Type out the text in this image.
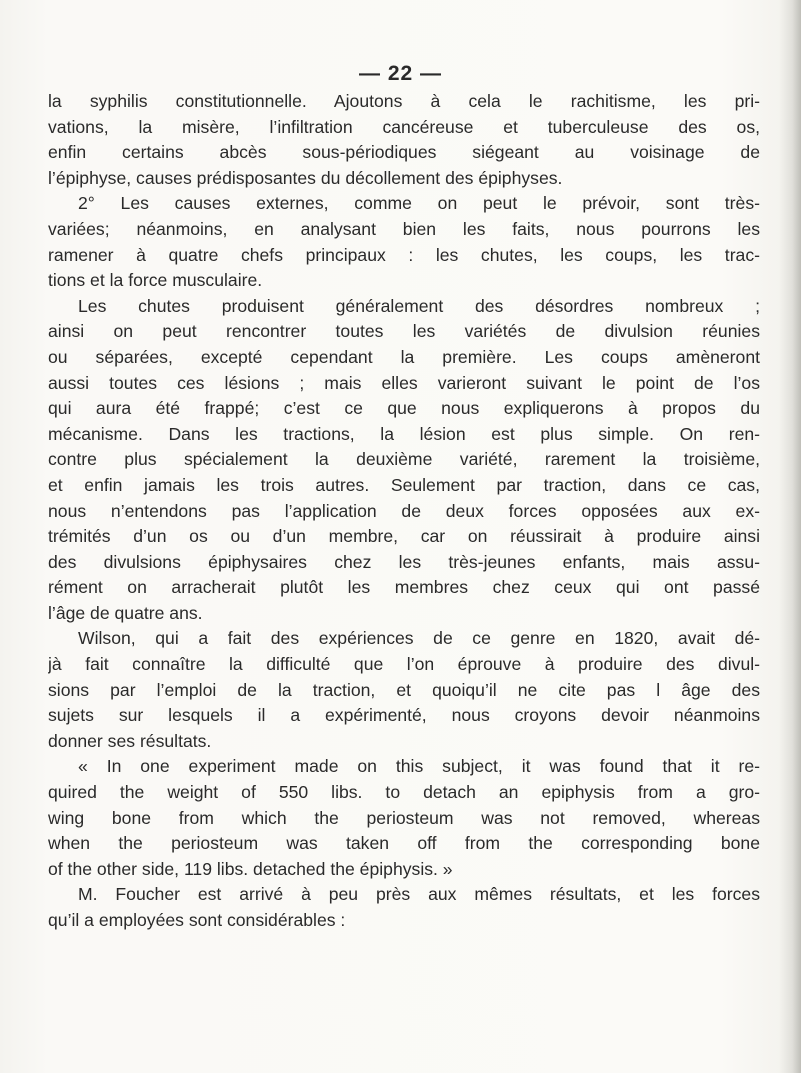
— 22 —
la syphilis constitutionnelle. Ajoutons à cela le rachitisme, les pri-
vations, la misère, l’infiltration cancéreuse et tuberculeuse des os,
enfin certains abcès sous-périodiques siégeant au voisinage de
l’épiphyse, causes prédisposantes du décollement des épiphyses.
2° Les causes externes, comme on peut le prévoir, sont très-
variées; néanmoins, en analysant bien les faits, nous pourrons les
ramener à quatre chefs principaux : les chutes, les coups, les trac-
tions et la force musculaire.
Les chutes produisent généralement des désordres nombreux ;
ainsi on peut rencontrer toutes les variétés de divulsion réunies
ou séparées, excepté cependant la première. Les coups amèneront
aussi toutes ces lésions ; mais elles varieront suivant le point de l’os
qui aura été frappé; c’est ce que nous expliquerons à propos du
mécanisme. Dans les tractions, la lésion est plus simple. On ren-
contre plus spécialement la deuxième variété, rarement la troisième,
et enfin jamais les trois autres. Seulement par traction, dans ce cas,
nous n’entendons pas l’application de deux forces opposées aux ex-
trémités d’un os ou d’un membre, car on réussirait à produire ainsi
des divulsions épiphysaires chez les très-jeunes enfants, mais assu-
rément on arracherait plutôt les membres chez ceux qui ont passé
l’âge de quatre ans.
Wilson, qui a fait des expériences de ce genre en 1820, avait dé-
jà fait connaître la difficulté que l’on éprouve à produire des divul-
sions par l’emploi de la traction, et quoiqu’il ne cite pas l âge des
sujets sur lesquels il a expérimenté, nous croyons devoir néanmoins
donner ses résultats.
« In one experiment made on this subject, it was found that it re-
quired the weight of 550 libs. to detach an epiphysis from a gro-
wing bone from which the periosteum was not removed, whereas
when the periosteum was taken off from the corresponding bone
of the other side, 119 libs. detached the épiphysis. »
M. Foucher est arrivé à peu près aux mêmes résultats, et les forces
qu’il a employées sont considérables :
